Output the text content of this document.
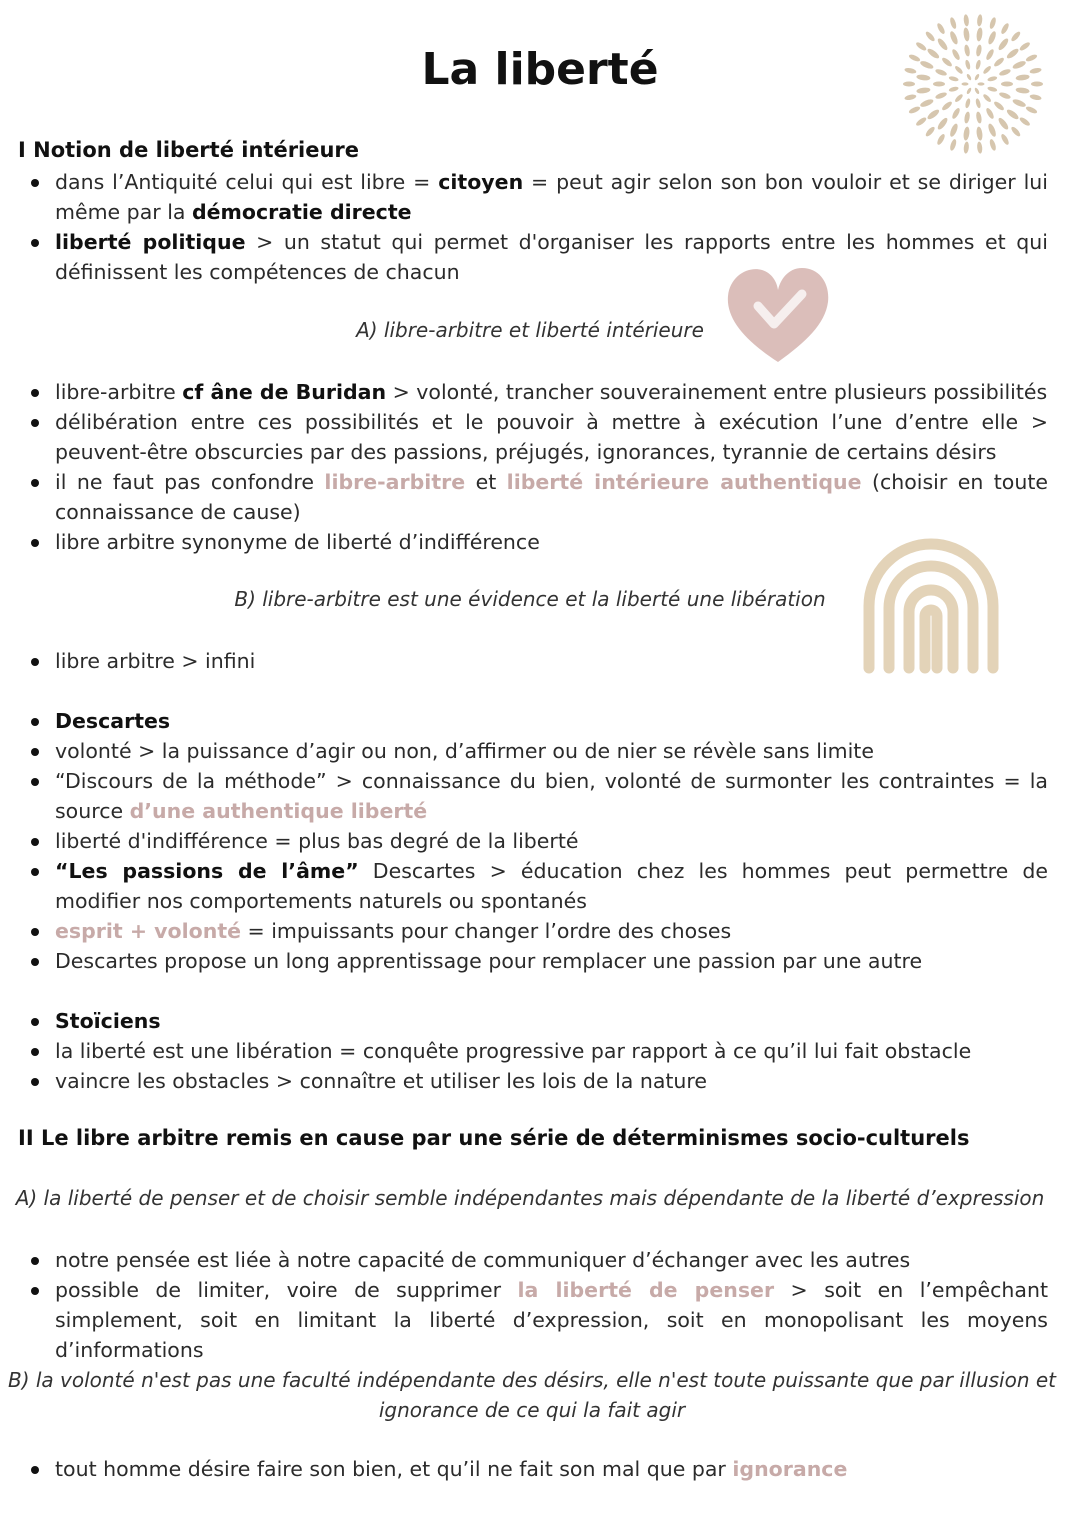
La liberté
I Notion de liberté intérieure
dans l’Antiquité celui qui est libre = citoyen = peut agir selon son bon vouloir et se diriger lui même par la démocratie directe
liberté politique > un statut qui permet d'organiser les rapports entre les hommes et qui définissent les compétences de chacun
A) libre-arbitre et liberté intérieure
libre-arbitre cf âne de Buridan > volonté, trancher souverainement entre plusieurs possibilités
délibération entre ces possibilités et le pouvoir à mettre à exécution l’une d’entre elle > peuvent-être obscurcies par des passions, préjugés, ignorances, tyrannie de certains désirs
il ne faut pas confondre libre-arbitre et liberté intérieure authentique (choisir en toute connaissance de cause)
libre arbitre synonyme de liberté d’indifférence
B) libre-arbitre est une évidence et la liberté une libération
libre arbitre > infini
Descartes
volonté > la puissance d’agir ou non, d’affirmer ou de nier se révèle sans limite
“Discours de la méthode” > connaissance du bien, volonté de surmonter les contraintes = la source d’une authentique liberté
liberté d'indifférence = plus bas degré de la liberté
“Les passions de l’âme” Descartes > éducation chez les hommes peut permettre de modifier nos comportements naturels ou spontanés
esprit + volonté = impuissants pour changer l’ordre des choses
Descartes propose un long apprentissage pour remplacer une passion par une autre
Stoïciens
la liberté est une libération = conquête progressive par rapport à ce qu’il lui fait obstacle
vaincre les obstacles > connaître et utiliser les lois de la nature
II Le libre arbitre remis en cause par une série de déterminismes socio-culturels
A) la liberté de penser et de choisir semble indépendantes mais dépendante de la liberté d’expression
notre pensée est liée à notre capacité de communiquer d’échanger avec les autres
possible de limiter, voire de supprimer la liberté de penser > soit en l’empêchant simplement, soit en limitant la liberté d’expression, soit en monopolisant les moyens d’informations
B) la volonté n'est pas une faculté indépendante des désirs, elle n'est toute puissante que par illusion et
ignorance de ce qui la fait agir
tout homme désire faire son bien, et qu’il ne fait son mal que par ignorance
